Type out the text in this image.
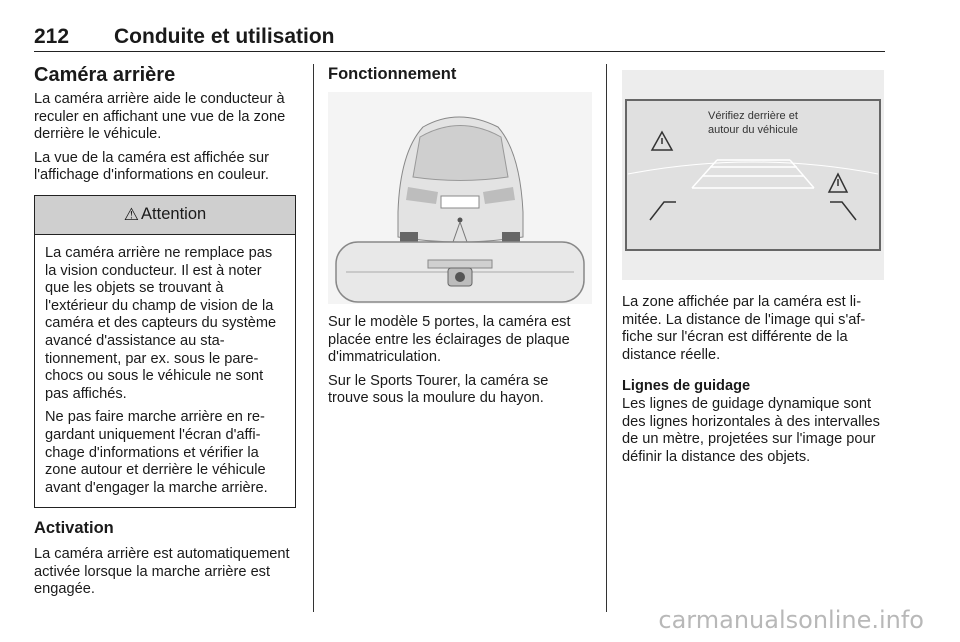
212 Conduite et utilisation
Caméra arrière

La caméra arrière aide le conducteur à reculer en affichant une vue de la zone derrière le véhicule.

La vue de la caméra est affichée sur l'affichage d'informations en couleur.

⚠ Attention

La caméra arrière ne remplace pas la vision conducteur. Il est à noter que les objets se trouvant à l'extérieur du champ de vision de la caméra et des capteurs du système avancé d'assistance au stationnement, par ex. sous le pare-chocs ou sous le véhicule ne sont pas affichés.

Ne pas faire marche arrière en regardant uniquement l'écran d'affichage d'informations et vérifier la zone autour et derrière le véhicule avant d'engager la marche arrière.

Activation

La caméra arrière est automatiquement activée lorsque la marche arrière est engagée.

Fonctionnement

Sur le modèle 5 portes, la caméra est placée entre les éclairages de plaque d'immatriculation.

Sur le Sports Tourer, la caméra se trouve sous la moulure du hayon.

Vérifiez derrière et
autour du véhicule

La zone affichée par la caméra est limitée. La distance de l'image qui s'affiche sur l'écran est différente de la distance réelle.

Lignes de guidage

Les lignes de guidage dynamique sont des lignes horizontales à des intervalles de un mètre, projetées sur l'image pour définir la distance des objets.

carmanualsonline.info
